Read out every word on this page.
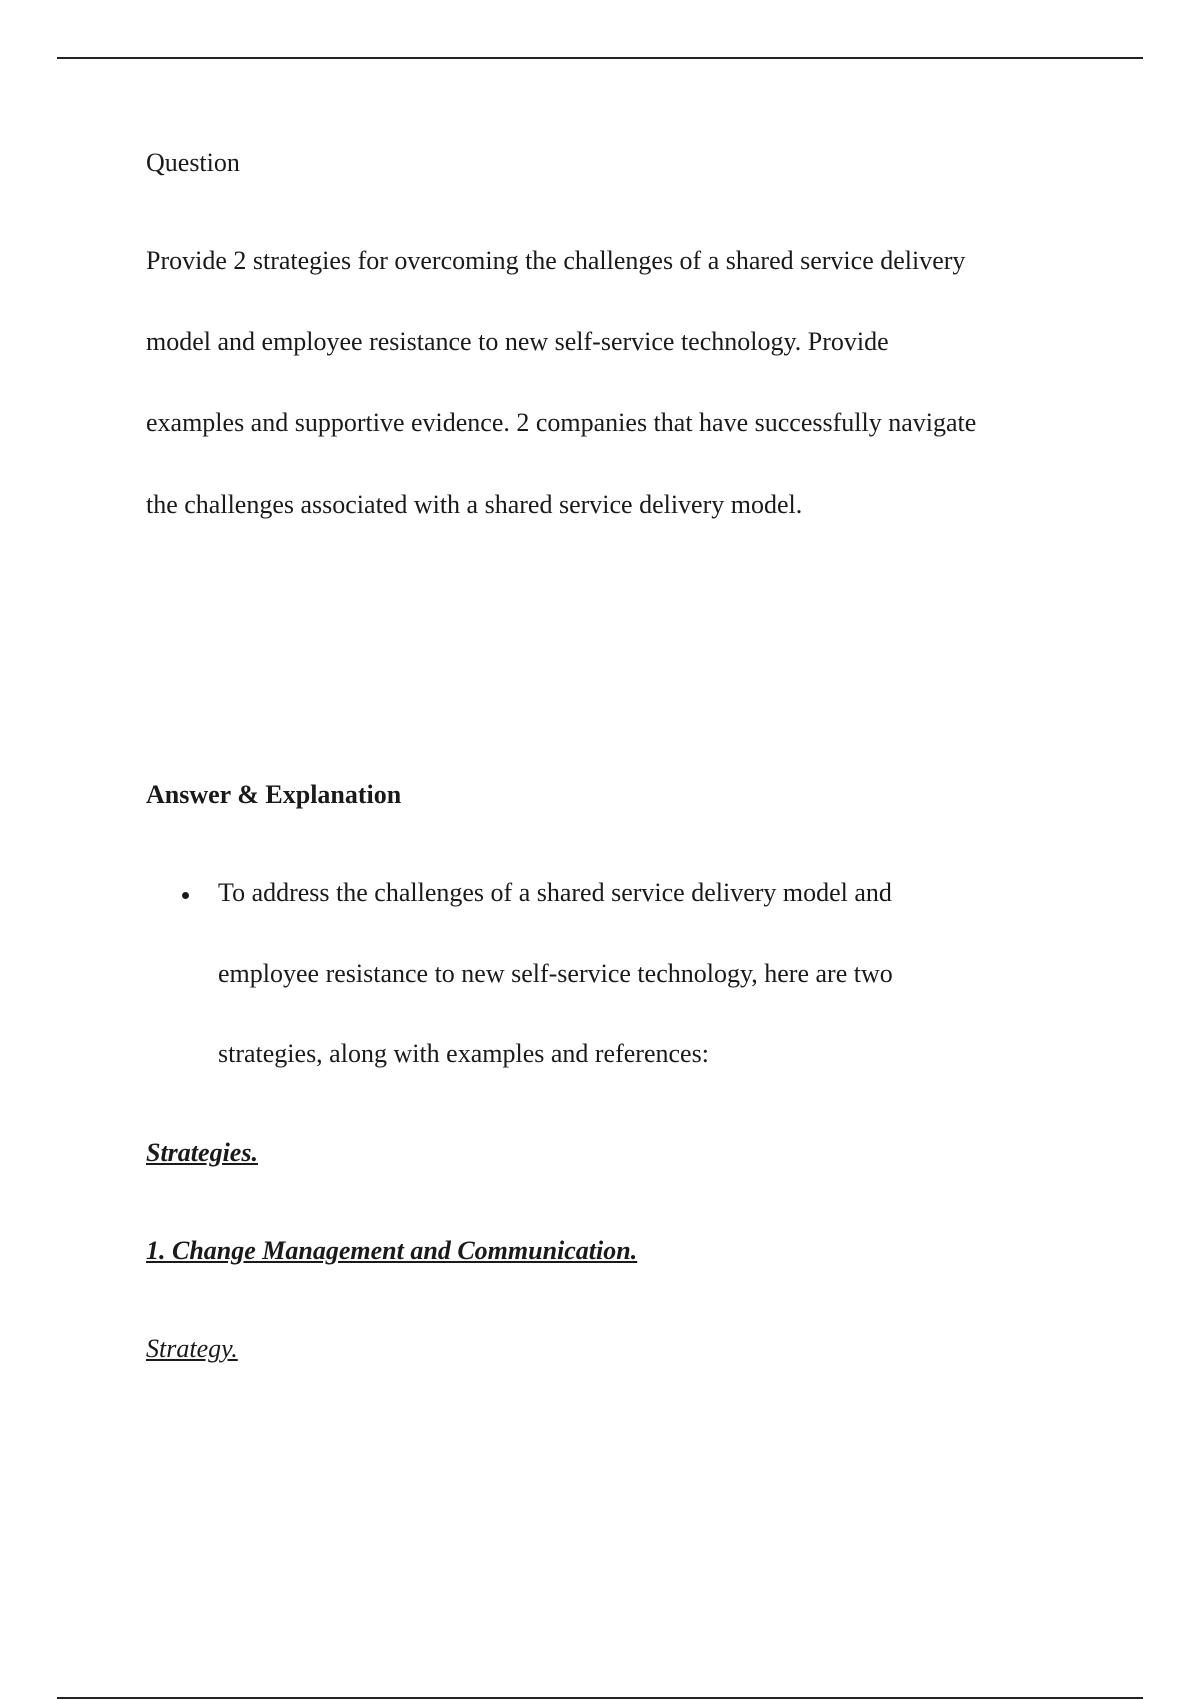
Question

Provide 2 strategies for overcoming the challenges of a shared service delivery

model and employee resistance to new self-service technology. Provide

examples and supportive evidence. 2 companies that have successfully navigate

the challenges associated with a shared service delivery model.

Answer & Explanation

To address the challenges of a shared service delivery model and

employee resistance to new self-service technology, here are two

strategies, along with examples and references:

Strategies.

1. Change Management and Communication.

Strategy.
